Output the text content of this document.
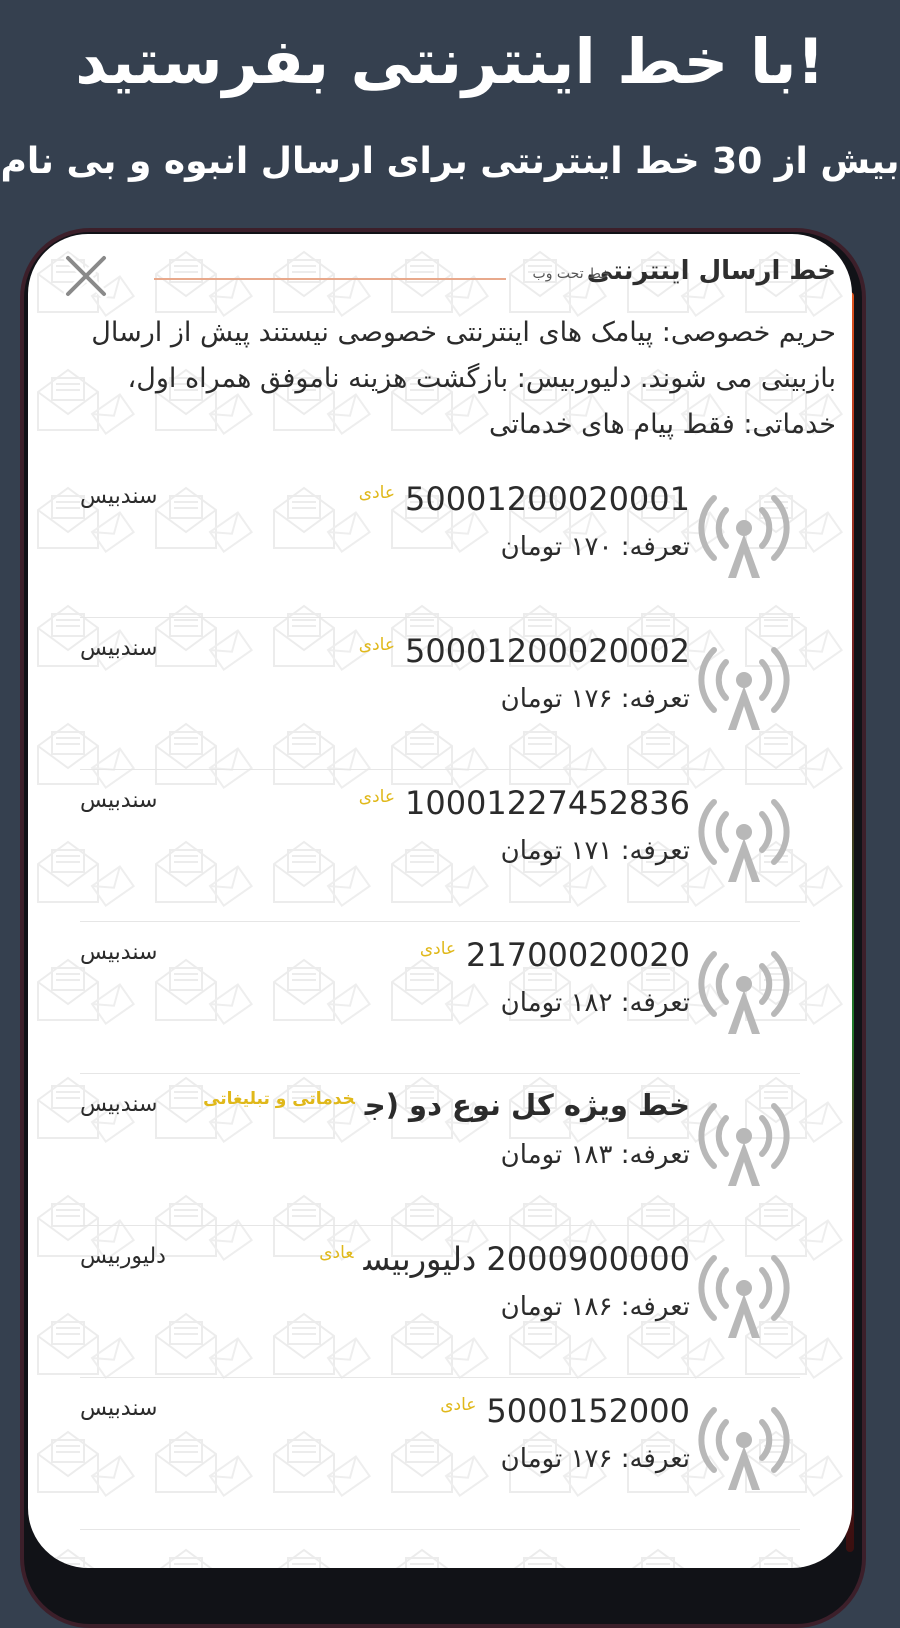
با خط اینترنتی بفرستید!
بیش از 30 خط اینترنتی برای ارسال انبوه و بی نام
خط ارسال اینترنتی
خط تحت وب
حریم خصوصی: پیامک های اینترنتی خصوصی نیستند پیش از ارسال بازبینی می شوند. دلیوربیس: بازگشت هزینه ناموفق همراه اول، خدماتی: فقط پیام های خدماتی
$50001200020001^{عادی}$
تعرفه: ۱۷۰ تومان
سندبیس
$50001200020002^{عادی}$
تعرفه: ۱۷۶ تومان
سندبیس
$10001227452836^{عادی}$
تعرفه: ۱۷۱ تومان
سندبیس
$21700020020^{عادی}$
تعرفه: ۱۸۲ تومان
سندبیس
خط ویژه کل نوع دو (ج$^{خدماتی و تبلیغاتی}$
تعرفه: ۱۸۳ تومان
سندبیس
2000900000 دلیوربیس$^{عادی}$
تعرفه: ۱۸۶ تومان
دلیوربیس
$5000152000^{عادی}$
تعرفه: ۱۷۶ تومان
سندبیس
